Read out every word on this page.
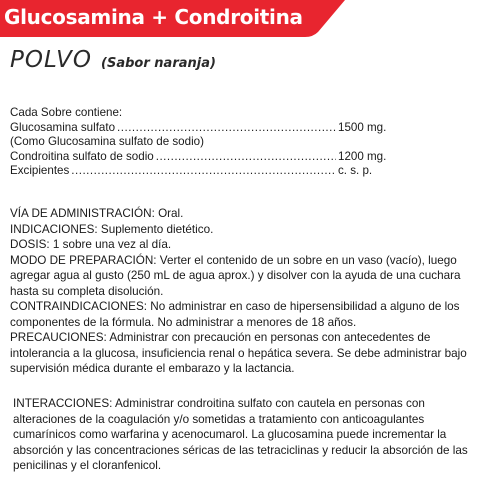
Glucosamina + Condroitina
POLVO (Sabor naranja)
Cada Sobre contiene:
Glucosamina sulfato .....	1500 mg.
(Como Glucosamina sulfato de sodio)
Condroitina sulfato de sodio .....	1200 mg.
Excipientes .....	c. s. p.

VÍA DE ADMINISTRACIÓN: Oral.

INDICACIONES: Suplemento dietético.

DOSIS: 1 sobre una vez al día.

MODO DE PREPARACIÓN: Verter el contenido de un sobre en un vaso (vacío), luego agregar agua al gusto (250 mL de agua aprox.) y disolver con la ayuda de una cuchara hasta su completa disolución.

CONTRAINDICACIONES: No administrar en caso de hipersensibilidad a alguno de los componentes de la fórmula. No administrar a menores de 18 años.

PRECAUCIONES: Administrar con precaución en personas con antecedentes de intolerancia a la glucosa, insuficiencia renal o hepática severa. Se debe administrar bajo supervisión médica durante el embarazo y la lactancia.

INTERACCIONES: Administrar condroitina sulfato con cautela en personas con alteraciones de la coagulación y/o sometidas a tratamiento con anticoagulantes cumarínicos como warfarina y acenocumarol. La glucosamina puede incrementar la absorción y las concentraciones séricas de las tetraciclinas y reducir la absorción de las penicilinas y el cloranfenicol.
